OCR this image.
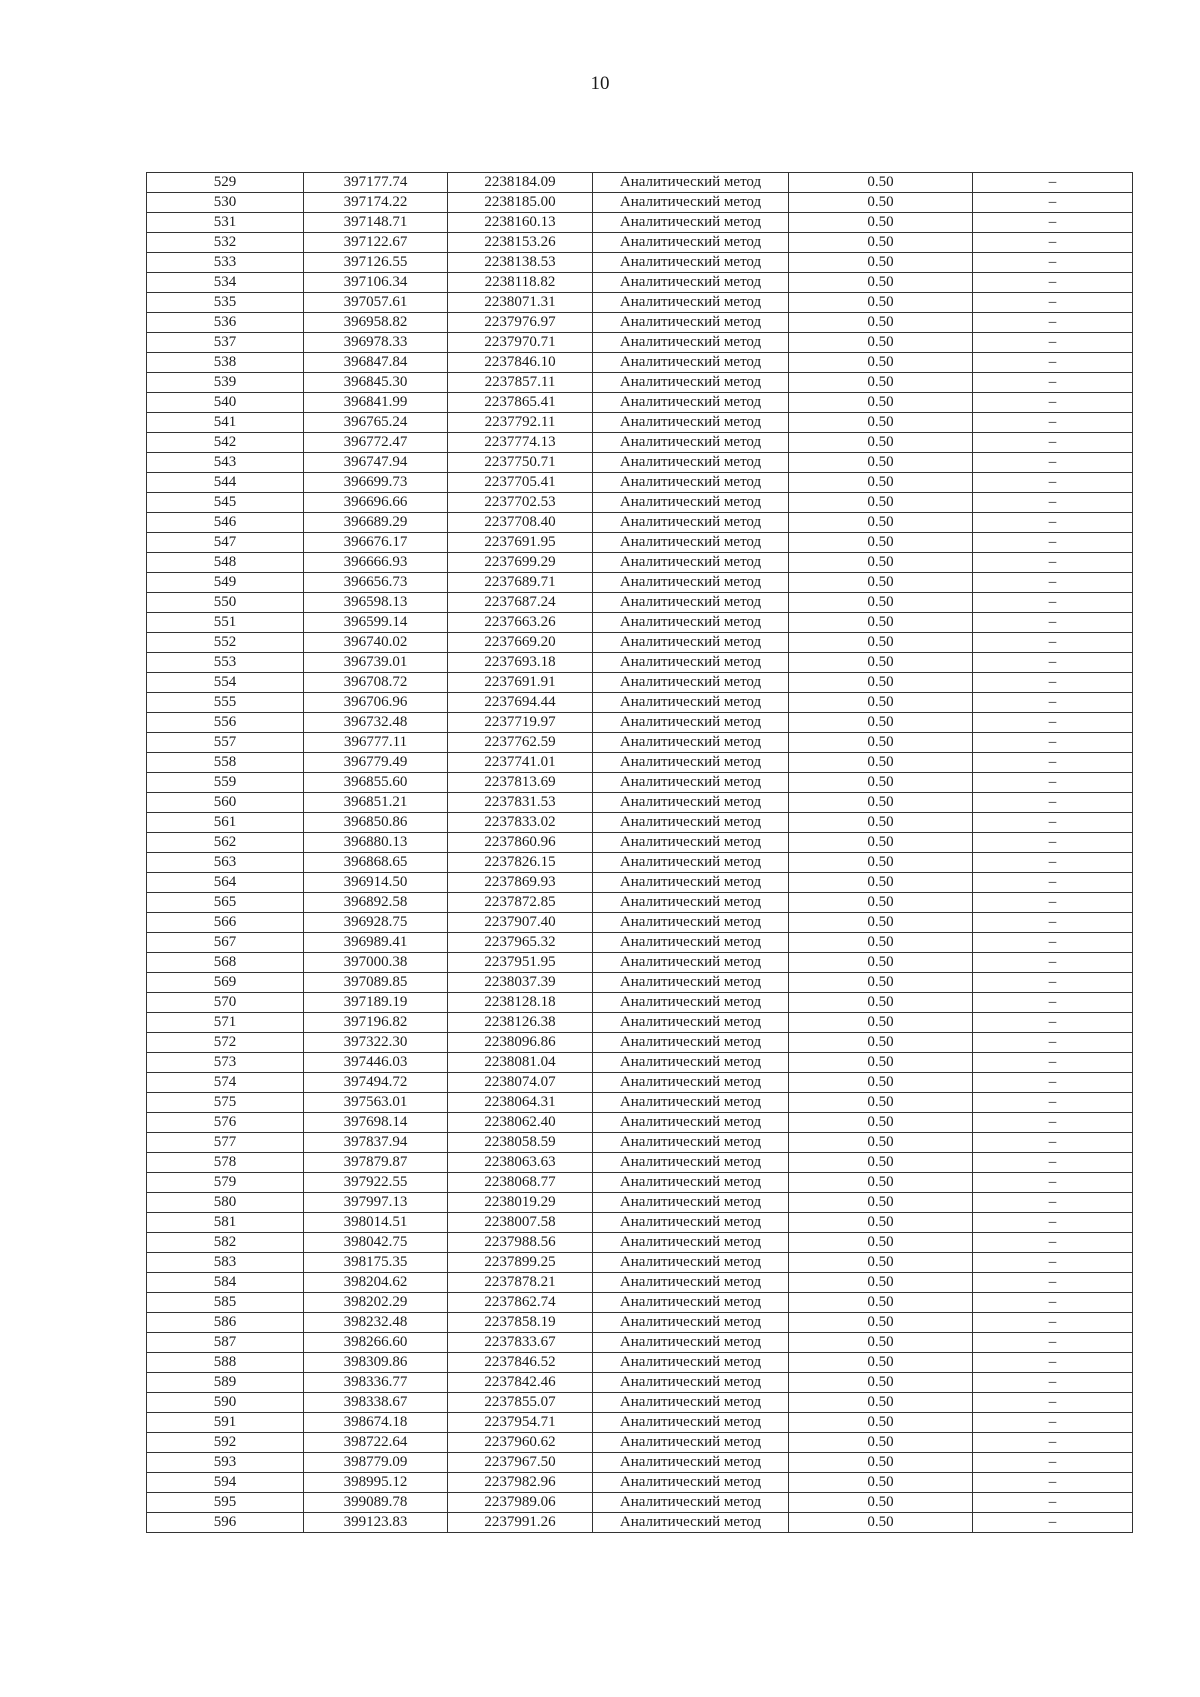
10
529	397177.74	2238184.09	Аналитический метод	0.50	–
530	397174.22	2238185.00	Аналитический метод	0.50	–
531	397148.71	2238160.13	Аналитический метод	0.50	–
532	397122.67	2238153.26	Аналитический метод	0.50	–
533	397126.55	2238138.53	Аналитический метод	0.50	–
534	397106.34	2238118.82	Аналитический метод	0.50	–
535	397057.61	2238071.31	Аналитический метод	0.50	–
536	396958.82	2237976.97	Аналитический метод	0.50	–
537	396978.33	2237970.71	Аналитический метод	0.50	–
538	396847.84	2237846.10	Аналитический метод	0.50	–
539	396845.30	2237857.11	Аналитический метод	0.50	–
540	396841.99	2237865.41	Аналитический метод	0.50	–
541	396765.24	2237792.11	Аналитический метод	0.50	–
542	396772.47	2237774.13	Аналитический метод	0.50	–
543	396747.94	2237750.71	Аналитический метод	0.50	–
544	396699.73	2237705.41	Аналитический метод	0.50	–
545	396696.66	2237702.53	Аналитический метод	0.50	–
546	396689.29	2237708.40	Аналитический метод	0.50	–
547	396676.17	2237691.95	Аналитический метод	0.50	–
548	396666.93	2237699.29	Аналитический метод	0.50	–
549	396656.73	2237689.71	Аналитический метод	0.50	–
550	396598.13	2237687.24	Аналитический метод	0.50	–
551	396599.14	2237663.26	Аналитический метод	0.50	–
552	396740.02	2237669.20	Аналитический метод	0.50	–
553	396739.01	2237693.18	Аналитический метод	0.50	–
554	396708.72	2237691.91	Аналитический метод	0.50	–
555	396706.96	2237694.44	Аналитический метод	0.50	–
556	396732.48	2237719.97	Аналитический метод	0.50	–
557	396777.11	2237762.59	Аналитический метод	0.50	–
558	396779.49	2237741.01	Аналитический метод	0.50	–
559	396855.60	2237813.69	Аналитический метод	0.50	–
560	396851.21	2237831.53	Аналитический метод	0.50	–
561	396850.86	2237833.02	Аналитический метод	0.50	–
562	396880.13	2237860.96	Аналитический метод	0.50	–
563	396868.65	2237826.15	Аналитический метод	0.50	–
564	396914.50	2237869.93	Аналитический метод	0.50	–
565	396892.58	2237872.85	Аналитический метод	0.50	–
566	396928.75	2237907.40	Аналитический метод	0.50	–
567	396989.41	2237965.32	Аналитический метод	0.50	–
568	397000.38	2237951.95	Аналитический метод	0.50	–
569	397089.85	2238037.39	Аналитический метод	0.50	–
570	397189.19	2238128.18	Аналитический метод	0.50	–
571	397196.82	2238126.38	Аналитический метод	0.50	–
572	397322.30	2238096.86	Аналитический метод	0.50	–
573	397446.03	2238081.04	Аналитический метод	0.50	–
574	397494.72	2238074.07	Аналитический метод	0.50	–
575	397563.01	2238064.31	Аналитический метод	0.50	–
576	397698.14	2238062.40	Аналитический метод	0.50	–
577	397837.94	2238058.59	Аналитический метод	0.50	–
578	397879.87	2238063.63	Аналитический метод	0.50	–
579	397922.55	2238068.77	Аналитический метод	0.50	–
580	397997.13	2238019.29	Аналитический метод	0.50	–
581	398014.51	2238007.58	Аналитический метод	0.50	–
582	398042.75	2237988.56	Аналитический метод	0.50	–
583	398175.35	2237899.25	Аналитический метод	0.50	–
584	398204.62	2237878.21	Аналитический метод	0.50	–
585	398202.29	2237862.74	Аналитический метод	0.50	–
586	398232.48	2237858.19	Аналитический метод	0.50	–
587	398266.60	2237833.67	Аналитический метод	0.50	–
588	398309.86	2237846.52	Аналитический метод	0.50	–
589	398336.77	2237842.46	Аналитический метод	0.50	–
590	398338.67	2237855.07	Аналитический метод	0.50	–
591	398674.18	2237954.71	Аналитический метод	0.50	–
592	398722.64	2237960.62	Аналитический метод	0.50	–
593	398779.09	2237967.50	Аналитический метод	0.50	–
594	398995.12	2237982.96	Аналитический метод	0.50	–
595	399089.78	2237989.06	Аналитический метод	0.50	–
596	399123.83	2237991.26	Аналитический метод	0.50	–
